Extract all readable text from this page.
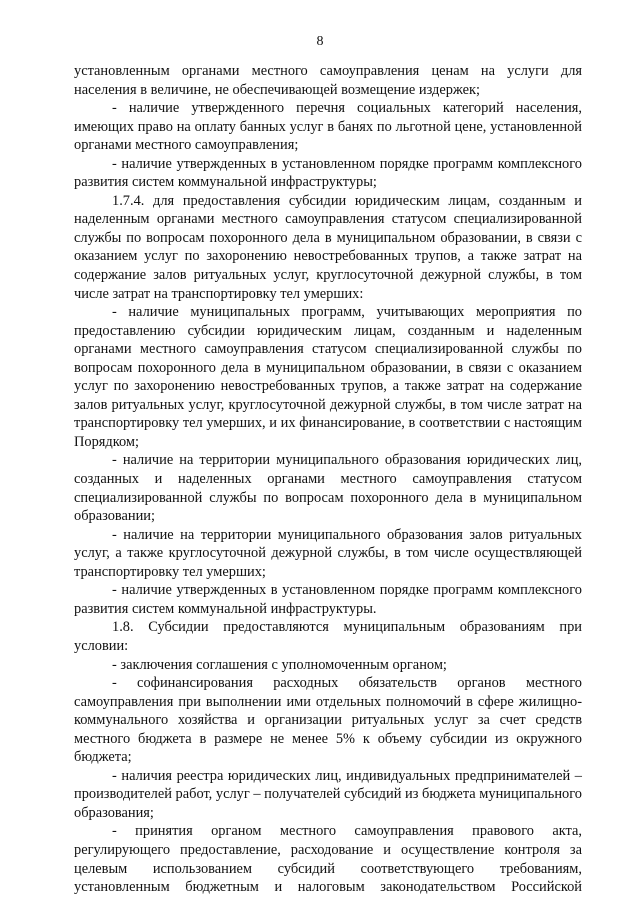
8

установленным органами местного самоуправления ценам на услуги для населения в величине, не обеспечивающей возмещение издержек;

- наличие утвержденного перечня социальных категорий населения, имеющих право на оплату банных услуг в банях по льготной цене, установленной органами местного самоуправления;

- наличие утвержденных в установленном порядке программ комплексного развития систем коммунальной инфраструктуры;

1.7.4. для предоставления субсидии юридическим лицам, созданным и наделенным органами местного самоуправления статусом специализированной службы по вопросам похоронного дела в муниципальном образовании, в связи с оказанием услуг по захоронению невостребованных трупов, а также затрат на содержание залов ритуальных услуг, круглосуточной дежурной службы, в том числе затрат на транспортировку тел умерших:

- наличие муниципальных программ, учитывающих мероприятия по предоставлению субсидии юридическим лицам, созданным и наделенным органами местного самоуправления статусом специализированной службы по вопросам похоронного дела в муниципальном образовании, в связи с оказанием услуг по захоронению невостребованных трупов, а также затрат на содержание залов ритуальных услуг, круглосуточной дежурной службы, в том числе затрат на транспортировку тел умерших, и их финансирование, в соответствии с настоящим Порядком;

- наличие на территории муниципального образования юридических лиц, созданных и наделенных органами местного самоуправления статусом специализированной службы по вопросам похоронного дела в муниципальном образовании;

- наличие на территории муниципального образования залов ритуальных услуг, а также круглосуточной дежурной службы, в том числе осуществляющей транспортировку тел умерших;

- наличие утвержденных в установленном порядке программ комплексного развития систем коммунальной инфраструктуры.

1.8. Субсидии предоставляются муниципальным образованиям при условии:

- заключения соглашения с уполномоченным органом;

- софинансирования расходных обязательств органов местного самоуправления при выполнении ими отдельных полномочий в сфере жилищно-коммунального хозяйства и организации ритуальных услуг за счет средств местного бюджета в размере не менее 5% к объему субсидии из окружного бюджета;

- наличия реестра юридических лиц, индивидуальных предпринимателей – производителей работ, услуг – получателей субсидий из бюджета муниципального образования;

- принятия органом местного самоуправления правового акта, регулирующего предоставление, расходование и осуществление контроля за целевым использованием субсидий соответствующего требованиям, установленным бюджетным и налоговым законодательством Российской
